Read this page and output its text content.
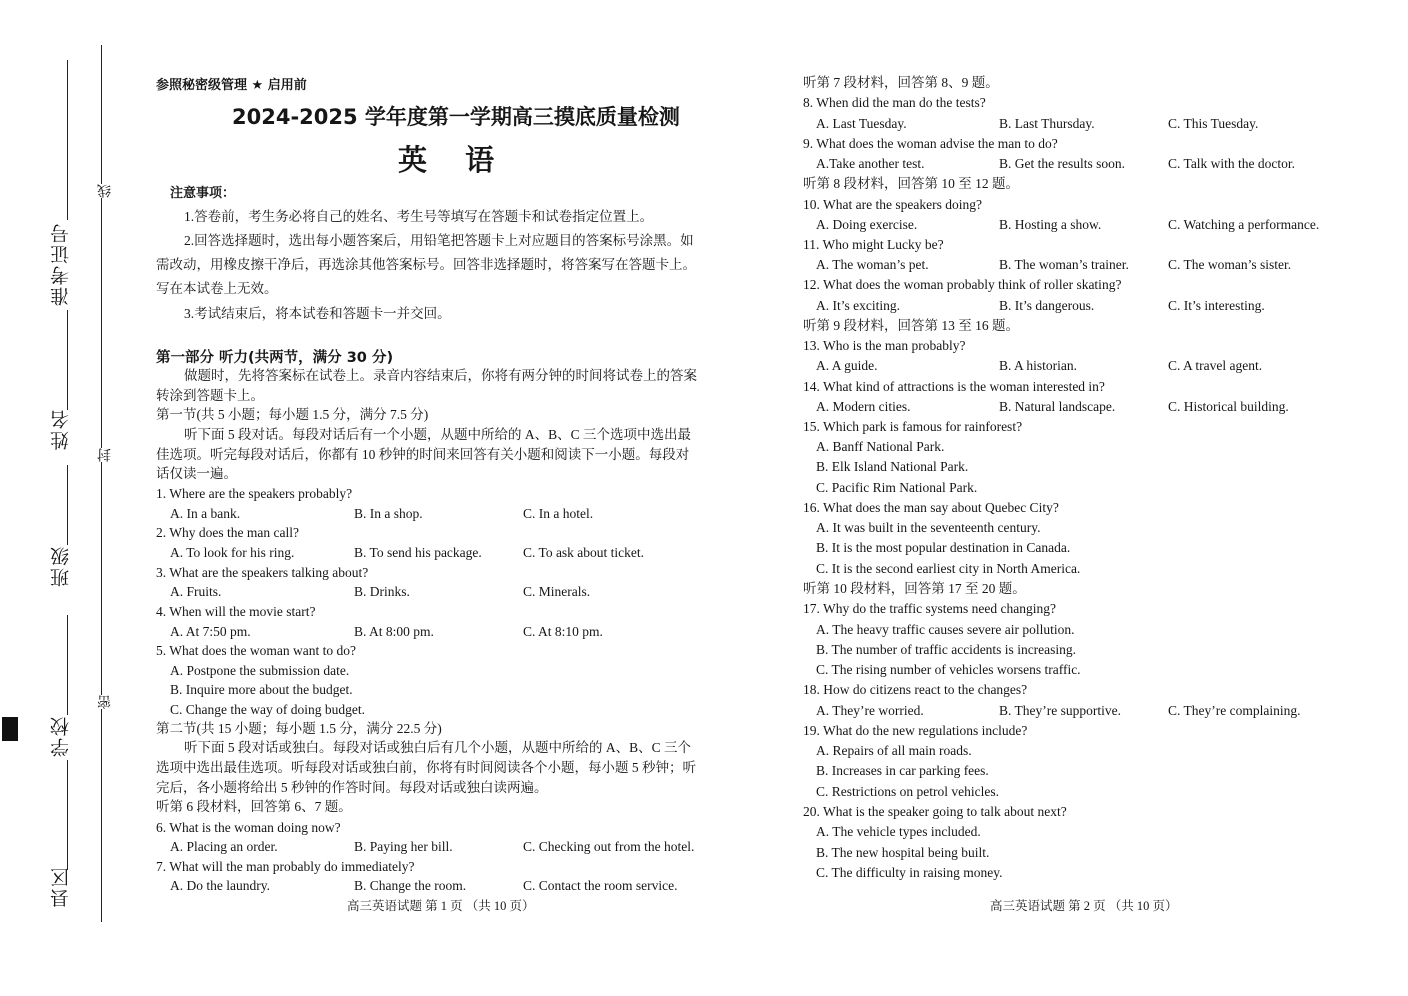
准考证号
姓名
班级
学校
县区
线
封
密
参照秘密级管理 ★ 启用前
2024-2025 学年度第一学期高三摸底质量检测
英 语
注意事项：
1.答卷前，考生务必将自己的姓名、考生号等填写在答题卡和试卷指定位置上。
2.回答选择题时，选出每小题答案后，用铅笔把答题卡上对应题目的答案标号涂黑。如
需改动，用橡皮擦干净后，再选涂其他答案标号。回答非选择题时，将答案写在答题卡上。
写在本试卷上无效。
3.考试结束后，将本试卷和答题卡一并交回。
第一部分 听力(共两节，满分 30 分)
做题时，先将答案标在试卷上。录音内容结束后，你将有两分钟的时间将试卷上的答案
转涂到答题卡上。
第一节(共 5 小题；每小题 1.5 分，满分 7.5 分)
听下面 5 段对话。每段对话后有一个小题，从题中所给的 A、B、C 三个选项中选出最
佳选项。听完每段对话后，你都有 10 秒钟的时间来回答有关小题和阅读下一小题。每段对
话仅读一遍。
1. Where are the speakers probably?
A. In a bank.	B. In a shop.	C. In a hotel.
2. Why does the man call?
A. To look for his ring.	B. To send his package.	C. To ask about ticket.
3. What are the speakers talking about?
A. Fruits.	B. Drinks.	C. Minerals.
4. When will the movie start?
A. At 7:50 pm.	B. At 8:00 pm.	C. At 8:10 pm.
5. What does the woman want to do?
A. Postpone the submission date.
B. Inquire more about the budget.
C. Change the way of doing budget.
第二节(共 15 小题；每小题 1.5 分，满分 22.5 分)
听下面 5 段对话或独白。每段对话或独白后有几个小题，从题中所给的 A、B、C 三个
选项中选出最佳选项。听每段对话或独白前，你将有时间阅读各个小题，每小题 5 秒钟；听
完后，各小题将给出 5 秒钟的作答时间。每段对话或独白读两遍。
听第 6 段材料，回答第 6、7 题。
6. What is the woman doing now?
A. Placing an order.	B. Paying her bill.	C. Checking out from the hotel.
7. What will the man probably do immediately?
A. Do the laundry.	B. Change the room.	C. Contact the room service.
高三英语试题 第 1 页 （共 10 页）
听第 7 段材料，回答第 8、9 题。
8. When did the man do the tests?
A. Last Tuesday.	B. Last Thursday.	C. This Tuesday.
9. What does the woman advise the man to do?
A.Take another test.	B. Get the results soon.	C. Talk with the doctor.
听第 8 段材料，回答第 10 至 12 题。
10. What are the speakers doing?
A. Doing exercise.	B. Hosting a show.	C. Watching a performance.
11. Who might Lucky be?
A. The woman’s pet.	B. The woman’s trainer.	C. The woman’s sister.
12. What does the woman probably think of roller skating?
A. It’s exciting.	B. It’s dangerous.	C. It’s interesting.
听第 9 段材料，回答第 13 至 16 题。
13. Who is the man probably?
A. A guide.	B. A historian.	C. A travel agent.
14. What kind of attractions is the woman interested in?
A. Modern cities.	B. Natural landscape.	C. Historical building.
15. Which park is famous for rainforest?
A. Banff National Park.
B. Elk Island National Park.
C. Pacific Rim National Park.
16. What does the man say about Quebec City?
A. It was built in the seventeenth century.
B. It is the most popular destination in Canada.
C. It is the second earliest city in North America.
听第 10 段材料，回答第 17 至 20 题。
17. Why do the traffic systems need changing?
A. The heavy traffic causes severe air pollution.
B. The number of traffic accidents is increasing.
C. The rising number of vehicles worsens traffic.
18. How do citizens react to the changes?
A. They’re worried.	B. They’re supportive.	C. They’re complaining.
19. What do the new regulations include?
A. Repairs of all main roads.
B. Increases in car parking fees.
C. Restrictions on petrol vehicles.
20. What is the speaker going to talk about next?
A. The vehicle types included.
B. The new hospital being built.
C. The difficulty in raising money.
高三英语试题 第 2 页 （共 10 页）
